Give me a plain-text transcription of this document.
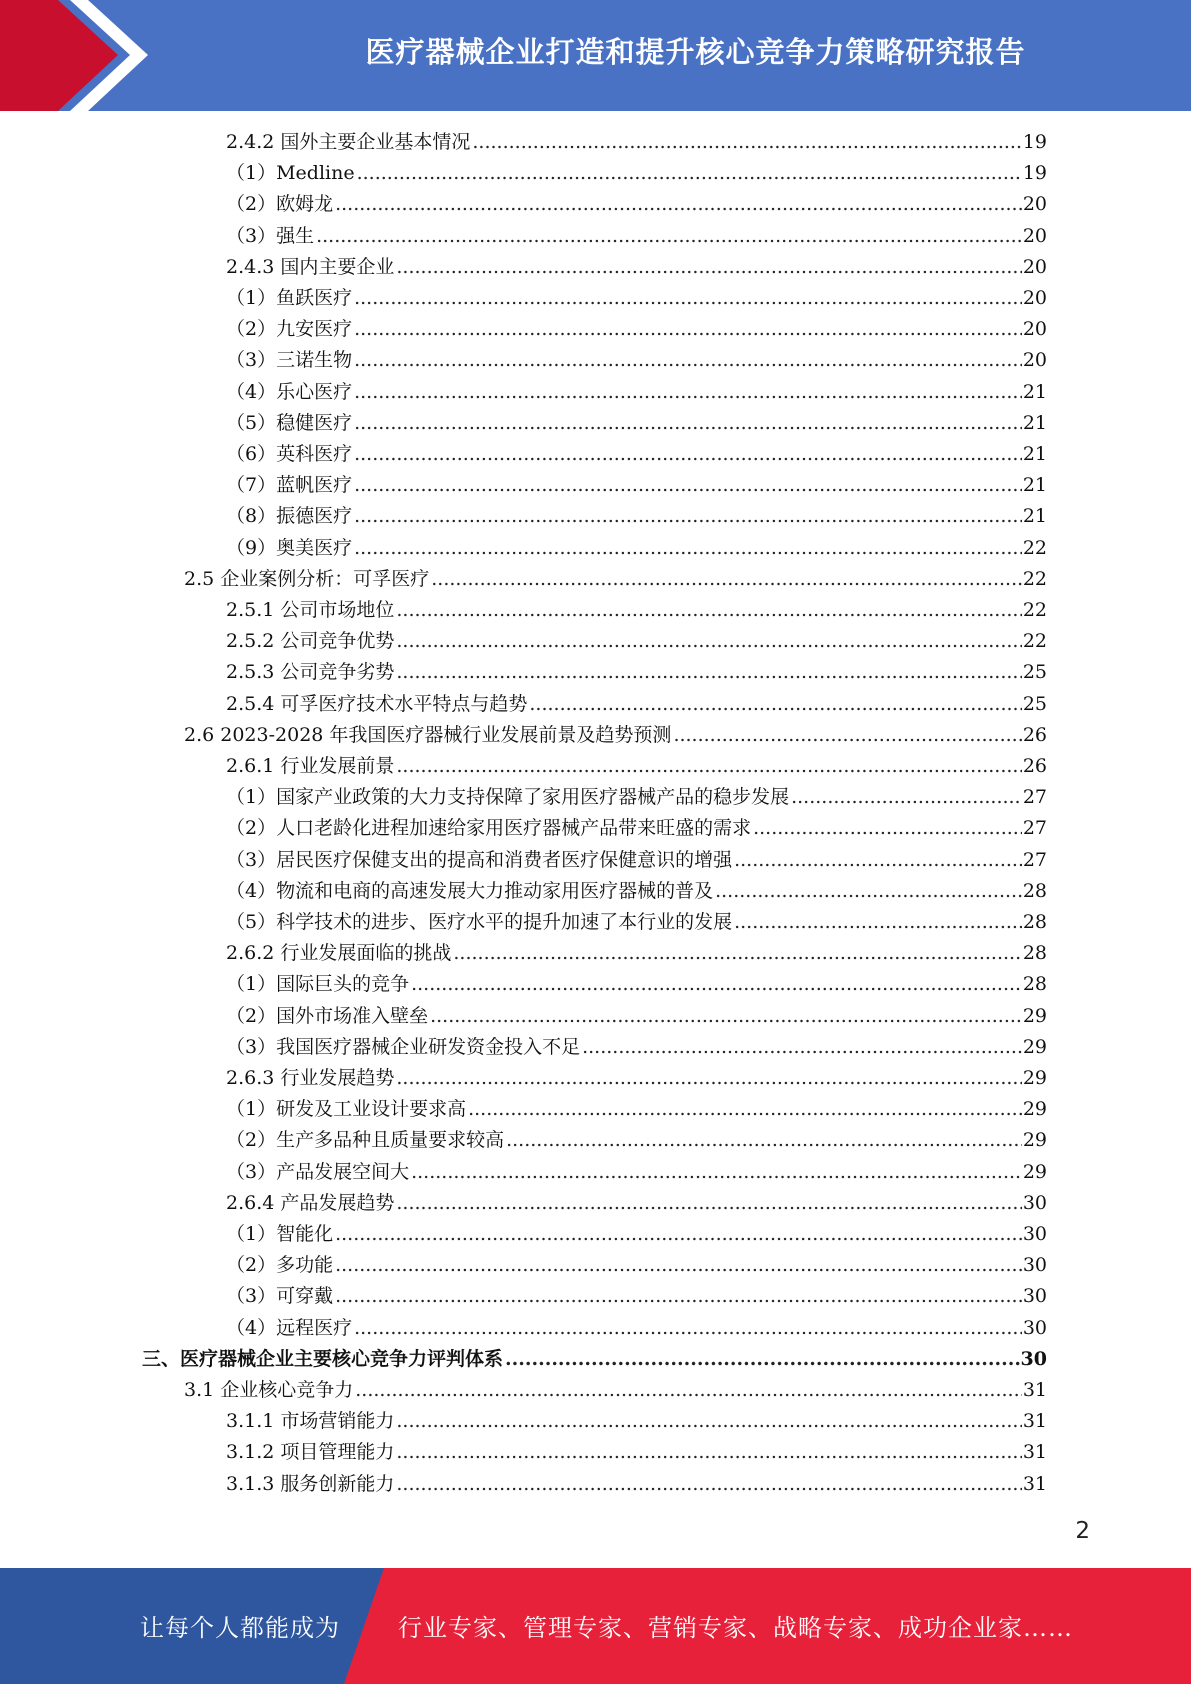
医疗器械企业打造和提升核心竞争力策略研究报告
2.4.2 国外主要企业基本情况 .....	19
（1）Medline .....	19
（2）欧姆龙 .....	20
（3）强生 .....	20
2.4.3 国内主要企业 .....	20
（1）鱼跃医疗 .....	20
（2）九安医疗 .....	20
（3）三诺生物 .....	20
（4）乐心医疗 .....	21
（5）稳健医疗 .....	21
（6）英科医疗 .....	21
（7）蓝帆医疗 .....	21
（8）振德医疗 .....	21
（9）奥美医疗 .....	22
2.5 企业案例分析：可孚医疗 .....	22
2.5.1 公司市场地位 .....	22
2.5.2 公司竞争优势 .....	22
2.5.3 公司竞争劣势 .....	25
2.5.4 可孚医疗技术水平特点与趋势 .....	25
2.6 2023-2028 年我国医疗器械行业发展前景及趋势预测 .....	26
2.6.1 行业发展前景 .....	26
（1）国家产业政策的大力支持保障了家用医疗器械产品的稳步发展 .....	27
（2）人口老龄化进程加速给家用医疗器械产品带来旺盛的需求 .....	27
（3）居民医疗保健支出的提高和消费者医疗保健意识的增强 .....	27
（4）物流和电商的高速发展大力推动家用医疗器械的普及 .....	28
（5）科学技术的进步、医疗水平的提升加速了本行业的发展 .....	28
2.6.2 行业发展面临的挑战 .....	28
（1）国际巨头的竞争 .....	28
（2）国外市场准入壁垒 .....	29
（3）我国医疗器械企业研发资金投入不足 .....	29
2.6.3 行业发展趋势 .....	29
（1）研发及工业设计要求高 .....	29
（2）生产多品种且质量要求较高 .....	29
（3）产品发展空间大 .....	29
2.6.4 产品发展趋势 .....	30
（1）智能化 .....	30
（2）多功能 .....	30
（3）可穿戴 .....	30
（4）远程医疗 .....	30
三、医疗器械企业主要核心竞争力评判体系 .....	30
3.1 企业核心竞争力 .....	31
3.1.1 市场营销能力 .....	31
3.1.2 项目管理能力 .....	31
3.1.3 服务创新能力 .....	31
2
让每个人都能成为 行业专家、管理专家、营销专家、战略专家、成功企业家……
